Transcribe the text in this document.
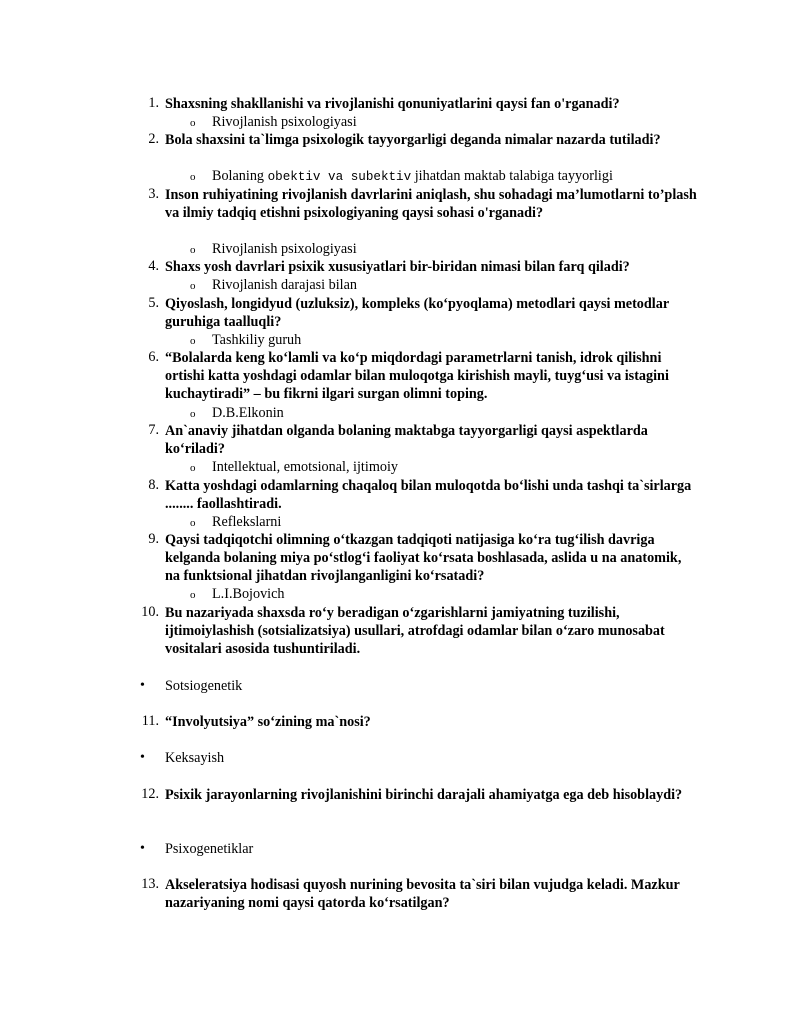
1. Shaxsning shakllanishi va rivojlanishi qonuniyatlarini qaysi fan o'rganadi?
o Rivojlanish psixologiyasi
2. Bola shaxsini ta`limga psixologik tayyorgarligi deganda nimalar nazarda tutiladi?
o Bolaning obektiv va subektiv jihatdan maktab talabiga tayyorligi
3. Inson ruhiyatining rivojlanish davrlarini aniqlash, shu sohadagi ma’lumotlarni to’plash va ilmiy tadqiq etishni psixologiyaning qaysi sohasi o'rganadi?
o Rivojlanish psixologiyasi
4. Shaxs yosh davrlari psixik xususiyatlari bir-biridan nimasi bilan farq qiladi?
o Rivojlanish darajasi bilan
5. Qiyoslash, longidyud (uzluksiz), kompleks (ko‘pyoqlama) metodlari qaysi metodlar guruhiga taalluqli?
o Tashkiliy guruh
6. “Bolalarda keng ko‘lamli va ko‘p miqdordagi parametrlarni tanish, idrok qilishni ortishi katta yoshdagi odamlar bilan muloqotga kirishish mayli, tuyg‘usi va istagini kuchaytiradi” – bu fikrni ilgari surgan olimni toping.
o D.B.Elkonin
7. An`anaviy jihatdan olganda bolaning maktabga tayyorgarligi qaysi aspektlarda ko‘riladi?
o Intellektual, emotsional, ijtimoiy
8. Katta yoshdagi odamlarning chaqaloq bilan muloqotda bo‘lishi unda tashqi ta`sirlarga ........ faollashtiradi.
o Reflekslarni
9. Qaysi tadqiqotchi olimning o‘tkazgan tadqiqoti natijasiga ko‘ra tug‘ilish davriga kelganda bolaning miya po‘stlog‘i faoliyat ko‘rsata boshlasada, aslida u na anatomik, na funktsional jihatdan rivojlanganligini ko‘rsatadi?
o L.I.Bojovich
10. Bu nazariyada shaxsda ro‘y beradigan o‘zgarishlarni jamiyatning tuzilishi, ijtimoiylashish (sotsializatsiya) usullari, atrofdagi odamlar bilan o‘zaro munosabat vositalari asosida tushuntiriladi.
• Sotsiogenetik
11. “Involyutsiya” so‘zining ma`nosi?
• Keksayish
12. Psixik jarayonlarning rivojlanishini birinchi darajali ahamiyatga ega deb hisoblaydi?
• Psixogenetiklar
13. Akseleratsiya hodisasi quyosh nurining bevosita ta`siri bilan vujudga keladi. Mazkur nazariyaning nomi qaysi qatorda ko‘rsatilgan?
